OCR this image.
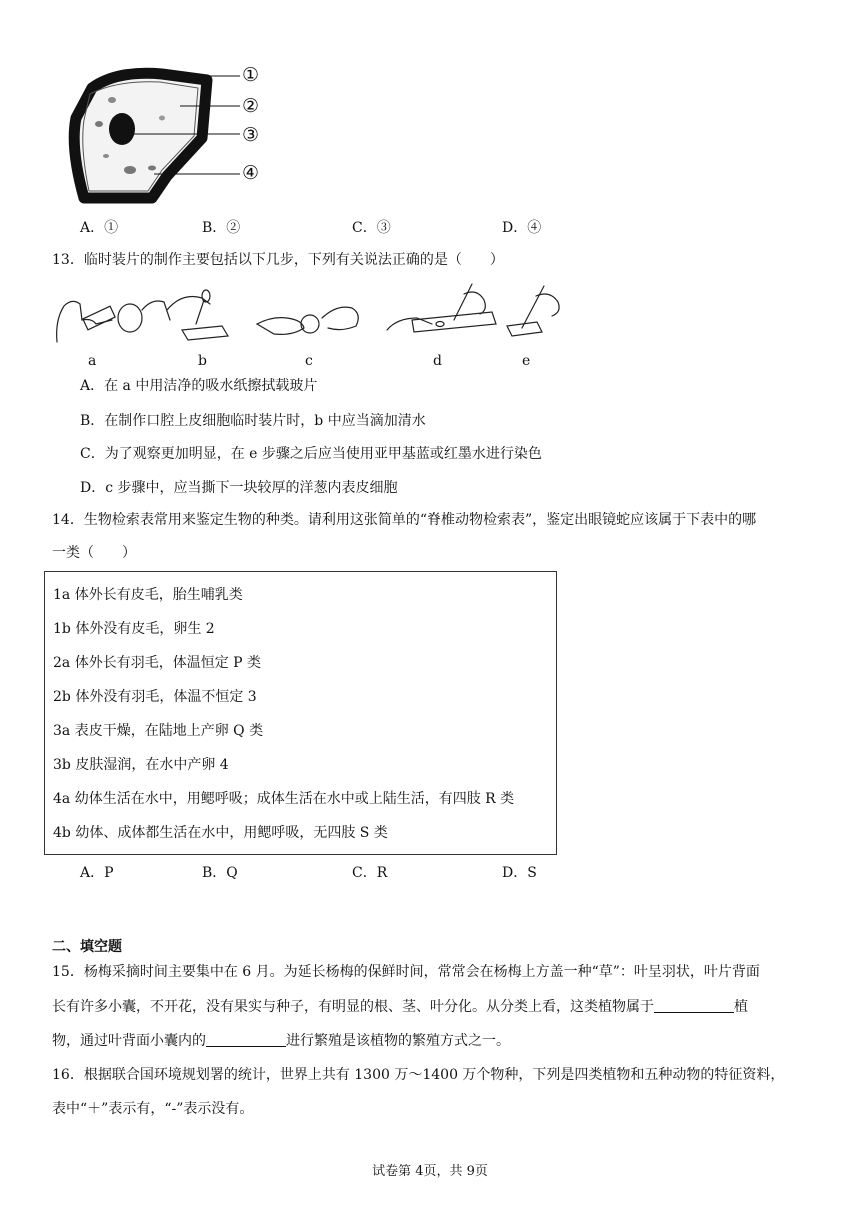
①
②
③
④
A．①	B．②	C．③	D．④
13．临时装片的制作主要包括以下几步，下列有关说法正确的是（　　）
a	b	c	d	e
A．在 a 中用洁净的吸水纸擦拭载玻片
B．在制作口腔上皮细胞临时装片时，b 中应当滴加清水
C．为了观察更加明显，在 e 步骤之后应当使用亚甲基蓝或红墨水进行染色
D．c 步骤中，应当撕下一块较厚的洋葱内表皮细胞
14．生物检索表常用来鉴定生物的种类。请利用这张简单的“脊椎动物检索表”，鉴定出眼镜蛇应该属于下表中的哪
一类（　　）
1a 体外长有皮毛，胎生哺乳类
1b 体外没有皮毛，卵生 2
2a 体外长有羽毛，体温恒定 P 类
2b 体外没有羽毛，体温不恒定 3
3a 表皮干燥，在陆地上产卵 Q 类
3b 皮肤湿润，在水中产卵 4
4a 幼体生活在水中，用鳃呼吸；成体生活在水中或上陆生活，有四肢 R 类
4b 幼体、成体都生活在水中，用鳃呼吸，无四肢 S 类
A．P	B．Q	C．R	D．S
二、填空题
15．杨梅采摘时间主要集中在 6 月。为延长杨梅的保鲜时间，常常会在杨梅上方盖一种“草”：叶呈羽状，叶片背面
长有许多小囊，不开花，没有果实与种子，有明显的根、茎、叶分化。从分类上看，这类植物属于	植
物，通过叶背面小囊内的	进行繁殖是该植物的繁殖方式之一。
16．根据联合国环境规划署的统计，世界上共有 1300 万～1400 万个物种，下列是四类植物和五种动物的特征资料，
表中“＋”表示有，“-”表示没有。
试卷第 4页，共 9页
